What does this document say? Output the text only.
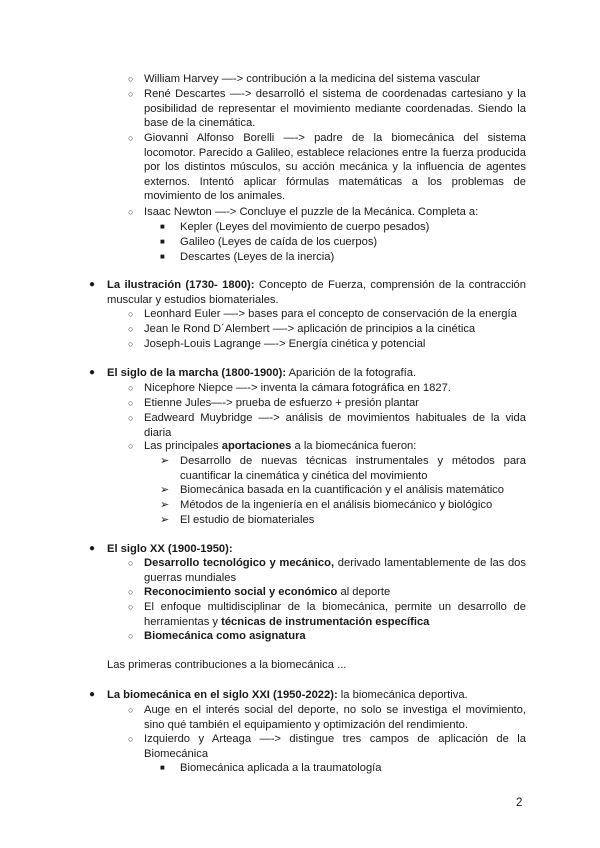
○ William Harvey —-> contribución a la medicina del sistema vascular
○ René Descartes —-> desarrolló el sistema de coordenadas cartesiano y la posibilidad de representar el movimiento mediante coordenadas. Siendo la base de la cinemática.
○ Giovanni Alfonso Borelli —-> padre de la biomecánica del sistema locomotor. Parecido a Galileo, establece relaciones entre la fuerza producida por los distintos músculos, su acción mecánica y la influencia de agentes externos. Intentó aplicar fórmulas matemáticas a los problemas de movimiento de los animales.
○ Isaac Newton —-> Concluye el puzzle de la Mecánica. Completa a:
■	Kepler (Leyes del movimiento de cuerpo pesados)
■	Galileo (Leyes de caída de los cuerpos)
■	Descartes (Leyes de la inercia)
●	La ilustración (1730- 1800): Concepto de Fuerza, comprensión de la contracción muscular y estudios biomateriales.
○ Leonhard Euler —-> bases para el concepto de conservación de la energía
○ Jean le Rond D´Alembert —-> aplicación de principios a la cinética
○ Joseph-Louis Lagrange —-> Energía cinética y potencial
●	El siglo de la marcha (1800-1900): Aparición de la fotografía.
○ Nicephore Niepce —-> inventa la cámara fotográfica en 1827.
○ Etienne Jules—-> prueba de esfuerzo + presión plantar
○ Eadweard Muybridge —-> análisis de movimientos habituales de la vida diaria
○ Las principales aportaciones a la biomecánica fueron:
➢ Desarrollo de nuevas técnicas instrumentales y métodos para cuantificar la cinemática y cinética del movimiento
➢ Biomecánica basada en la cuantificación y el análisis matemático
➢ Métodos de la ingeniería en el análisis biomecánico y biológico
➢ El estudio de biomateriales
●	El siglo XX (1900-1950):
○ Desarrollo tecnológico y mecánico, derivado lamentablemente de las dos guerras mundiales
○ Reconocimiento social y económico al deporte
○ El enfoque multidisciplinar de la biomecánica, permite un desarrollo de herramientas y técnicas de instrumentación específica
○ Biomecánica como asignatura
Las primeras contribuciones a la biomecánica ...
●	La biomecánica en el siglo XXI (1950-2022): la biomecánica deportiva.
○ Auge en el interés social del deporte, no solo se investiga el movimiento, sino qué también el equipamiento y optimización del rendimiento.
○ Izquierdo y Arteaga —-> distingue tres campos de aplicación de la Biomecánica
■	Biomecánica aplicada a la traumatología
2
